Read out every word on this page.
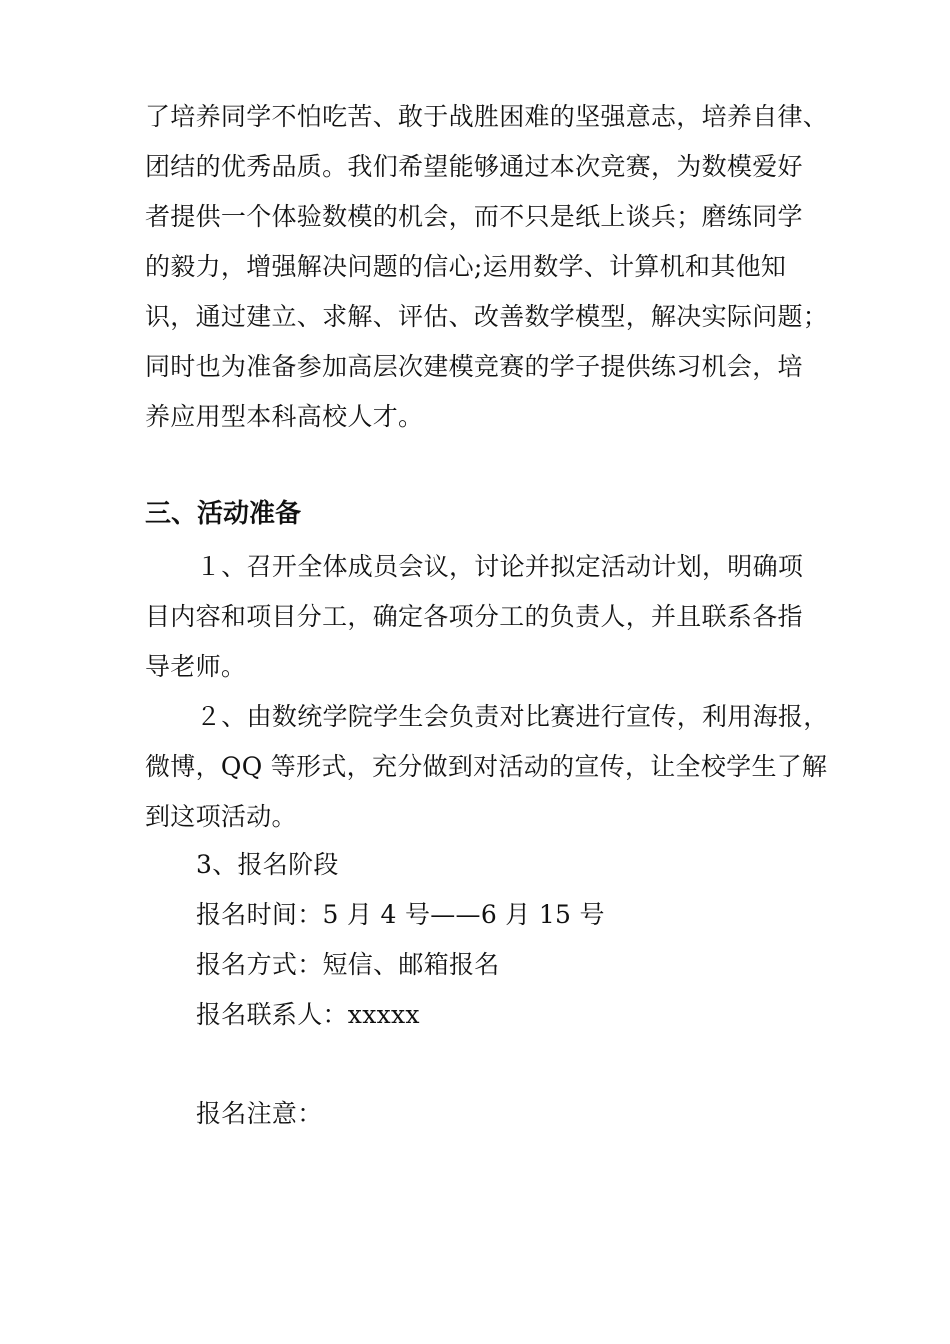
了培养同学不怕吃苦、敢于战胜困难的坚强意志，培养自律、
团结的优秀品质。我们希望能够通过本次竞赛，为数模爱好
者提供一个体验数模的机会，而不只是纸上谈兵；磨练同学
的毅力，增强解决问题的信心;运用数学、计算机和其他知
识，通过建立、求解、评估、改善数学模型，解决实际问题；
同时也为准备参加高层次建模竞赛的学子提供练习机会，培
养应用型本科高校人才。
三、活动准备
１、召开全体成员会议，讨论并拟定活动计划，明确项
目内容和项目分工，确定各项分工的负责人，并且联系各指
导老师。
２、由数统学院学生会负责对比赛进行宣传，利用海报，
微博，QQ 等形式，充分做到对活动的宣传，让全校学生了解
到这项活动。
3、报名阶段
报名时间：5 月 4 号——6 月 15 号
报名方式：短信、邮箱报名
报名联系人：xxxxx
报名注意：
